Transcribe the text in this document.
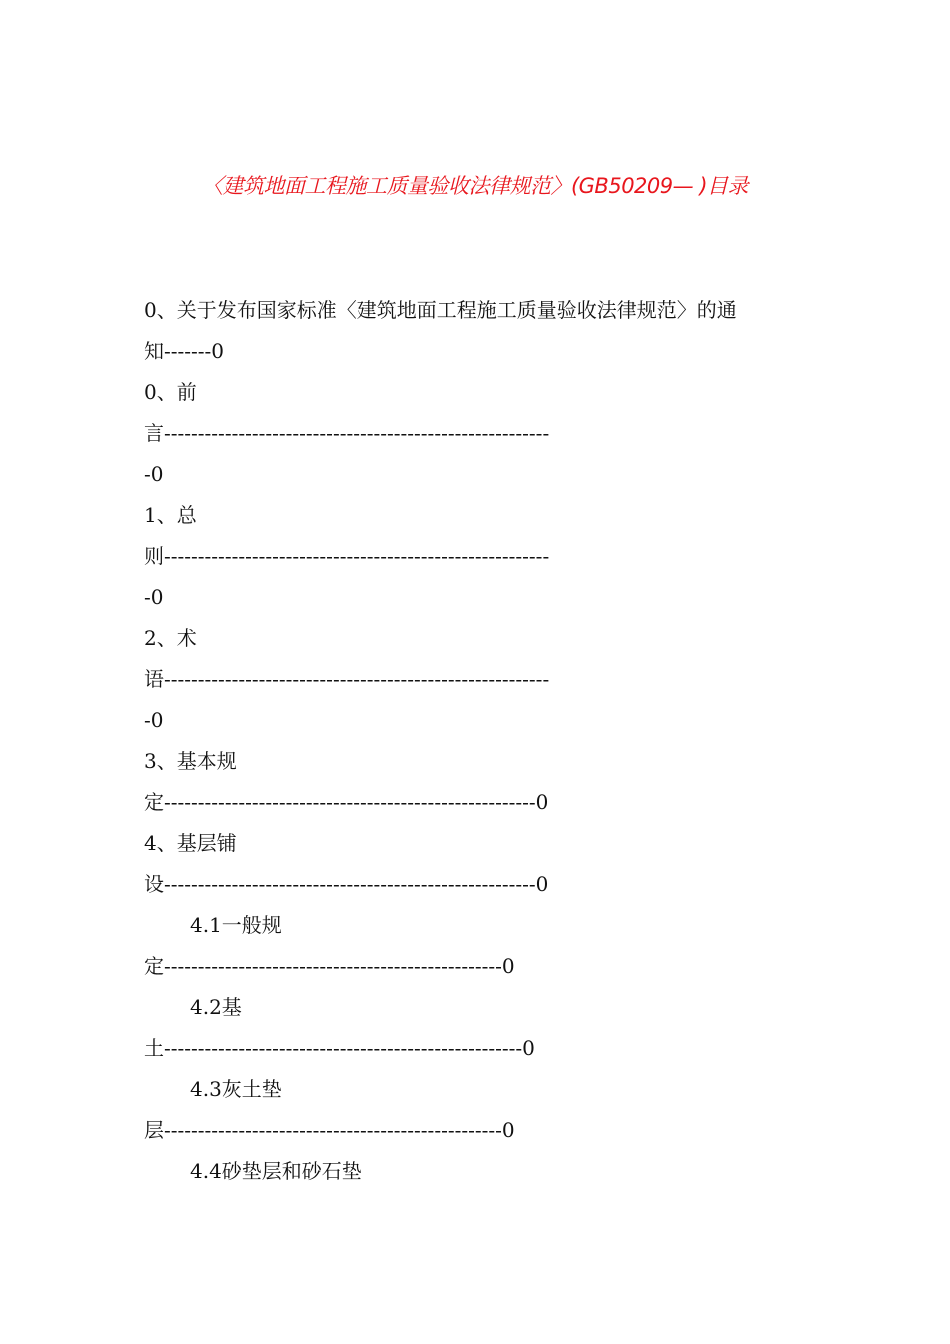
〈建筑地面工程施工质量验收法律规范〉(GB50209— )目录
0、关于发布国家标准〈建筑地面工程施工质量验收法律规范〉的通
知-------0
0、前
言---------------------------------------------------------
-0
1、总
则---------------------------------------------------------
-0
2、术
语---------------------------------------------------------
-0
3、基本规
定-------------------------------------------------------0
4、基层铺
设-------------------------------------------------------0
4.1一般规
定--------------------------------------------------0
4.2基
土-----------------------------------------------------0
4.3灰土垫
层--------------------------------------------------0
4.4砂垫层和砂石垫
